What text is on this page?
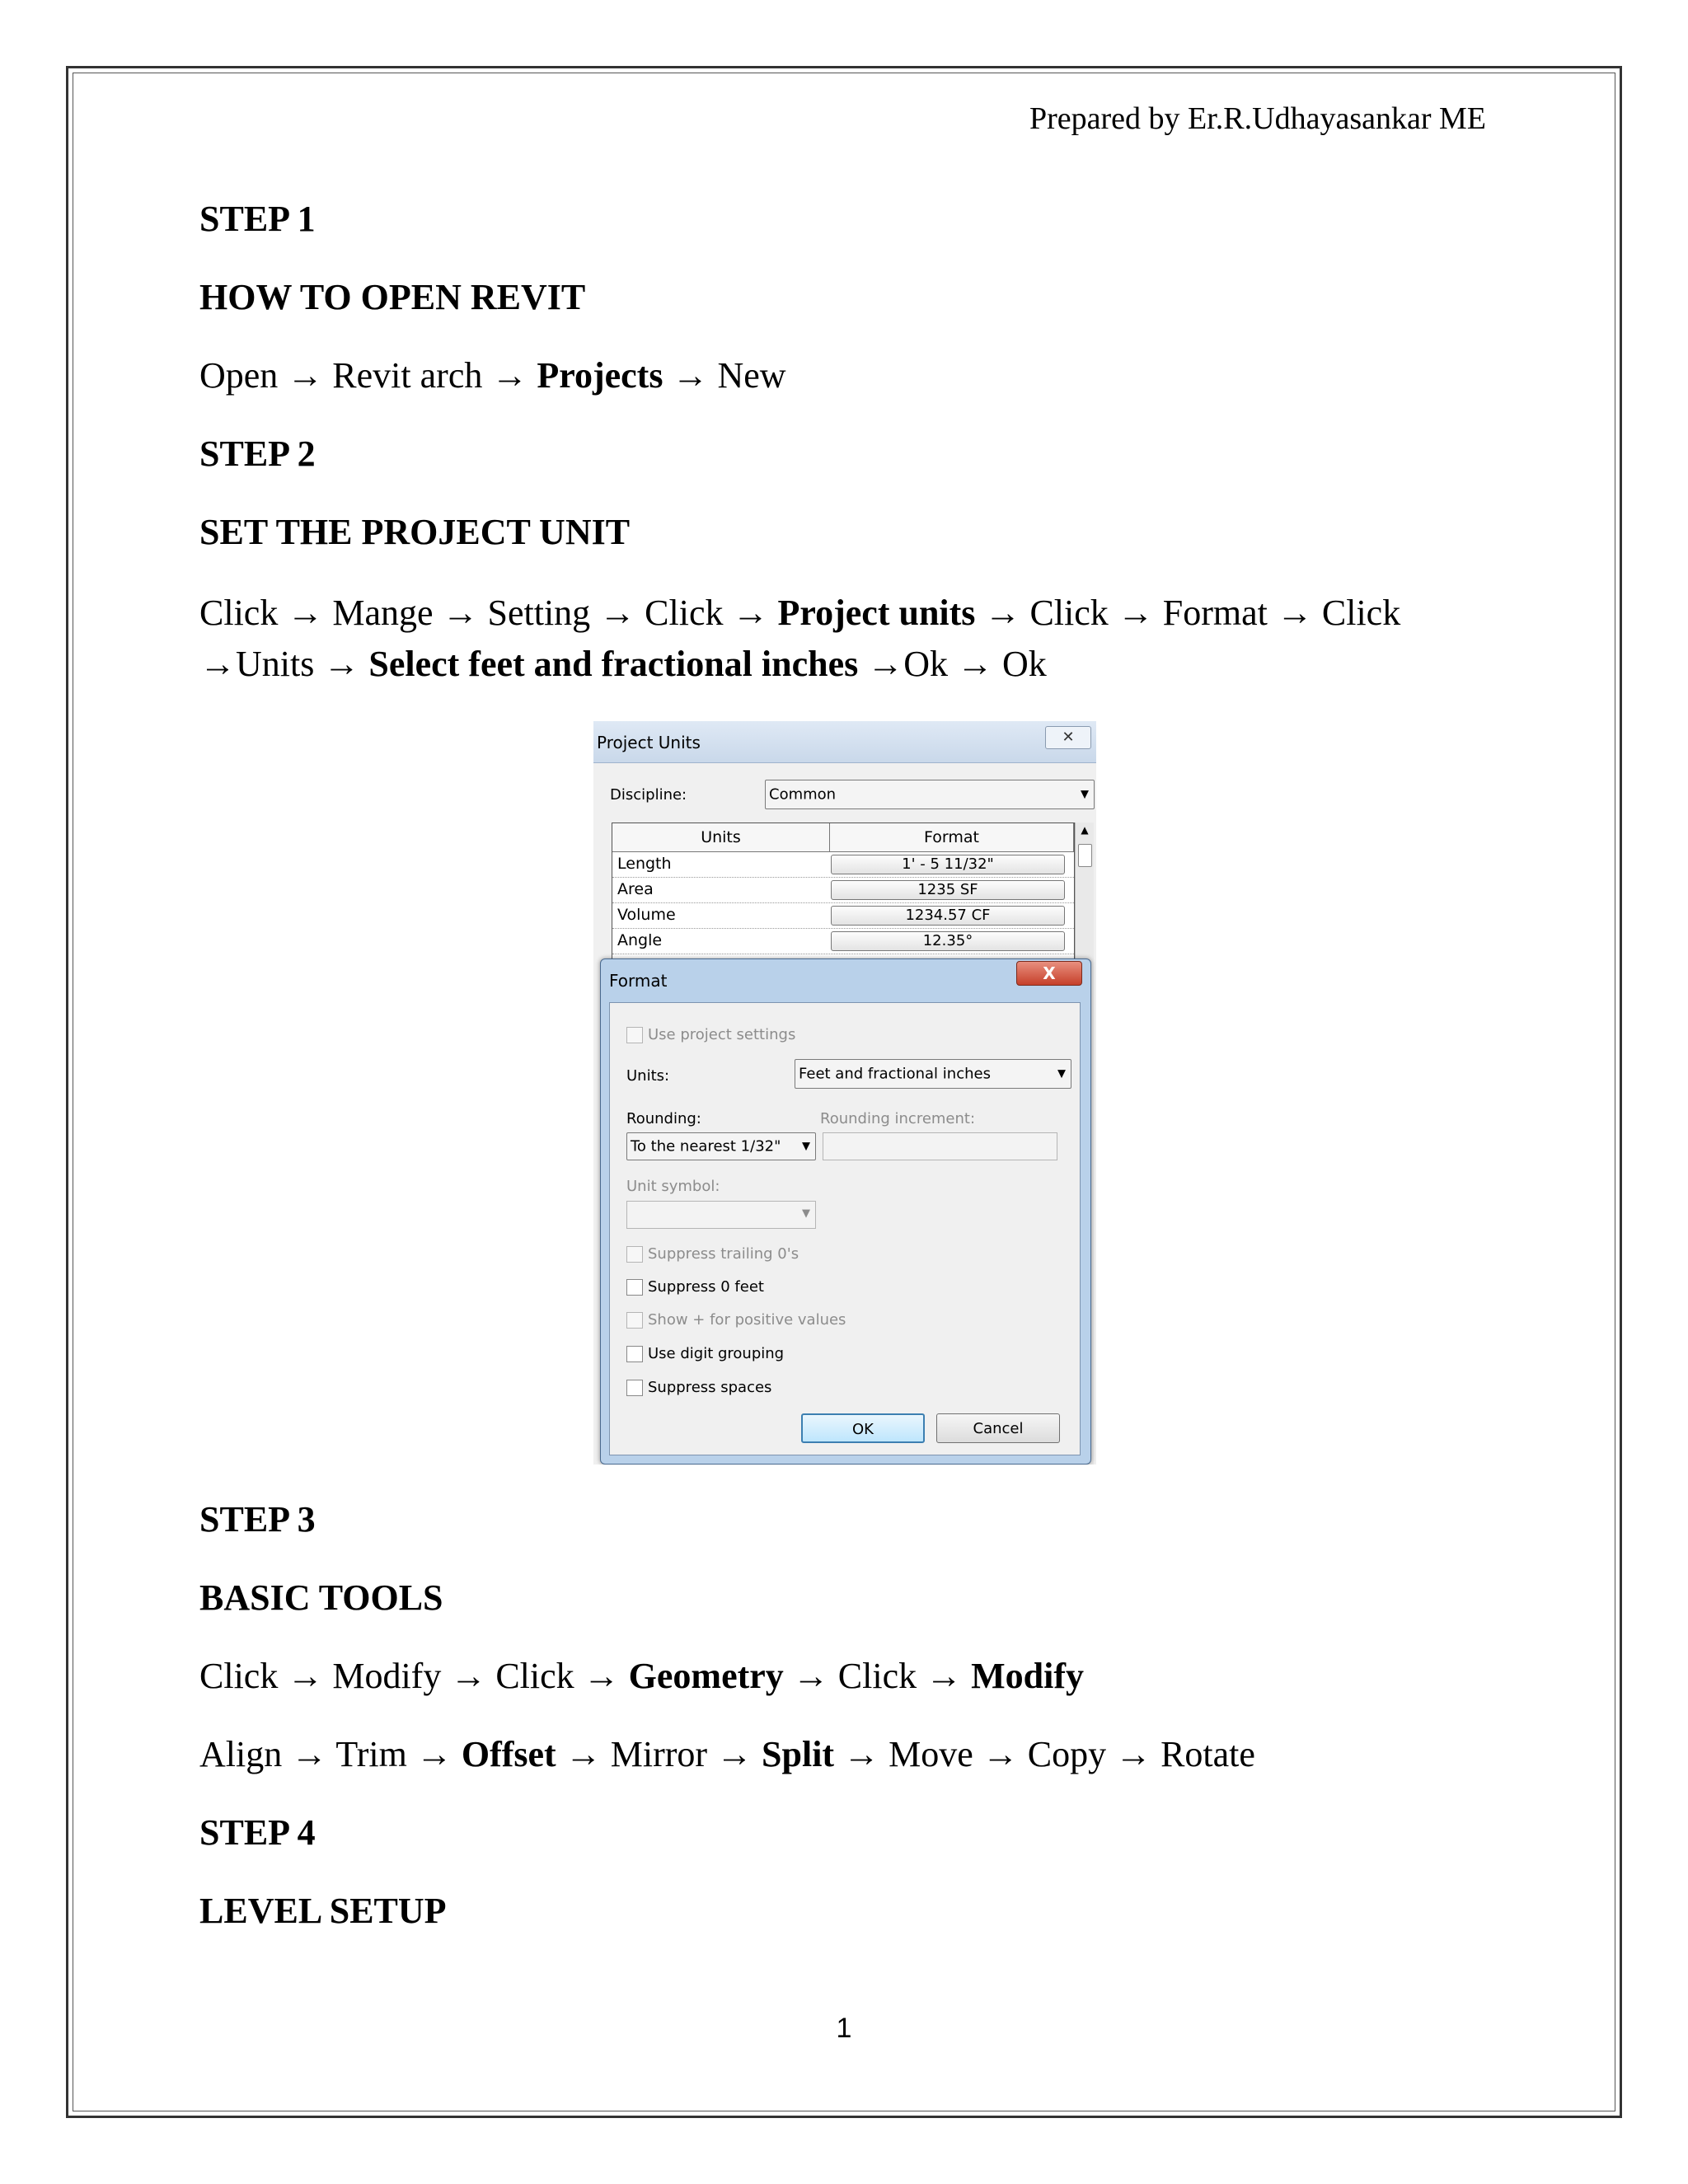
Prepared by Er.R.Udhayasankar ME
STEP 1
HOW TO OPEN REVIT
Open → Revit arch → Projects → New
STEP 2
SET THE PROJECT UNIT
Click → Mange → Setting → Click → Project units → Click → Format → Click →Units → Select feet and fractional inches →Ok → Ok
Project Units	✕
Discipline:	Common	▼
Units	Format
Length	1' - 5 11/32"
Area	1235 SF
Volume	1234.57 CF
Angle	12.35°
▲
Format	X
Use project settings
Units:	Feet and fractional inches	▼
Rounding:	Rounding increment:
To the nearest 1/32" ▼
Unit symbol:
▼
Suppress trailing 0's
Suppress 0 feet
Show + for positive values
Use digit grouping
Suppress spaces
OK	Cancel
STEP 3
BASIC TOOLS
Click → Modify → Click → Geometry → Click → Modify
Align → Trim → Offset → Mirror → Split → Move → Copy → Rotate
STEP 4
LEVEL SETUP
1
